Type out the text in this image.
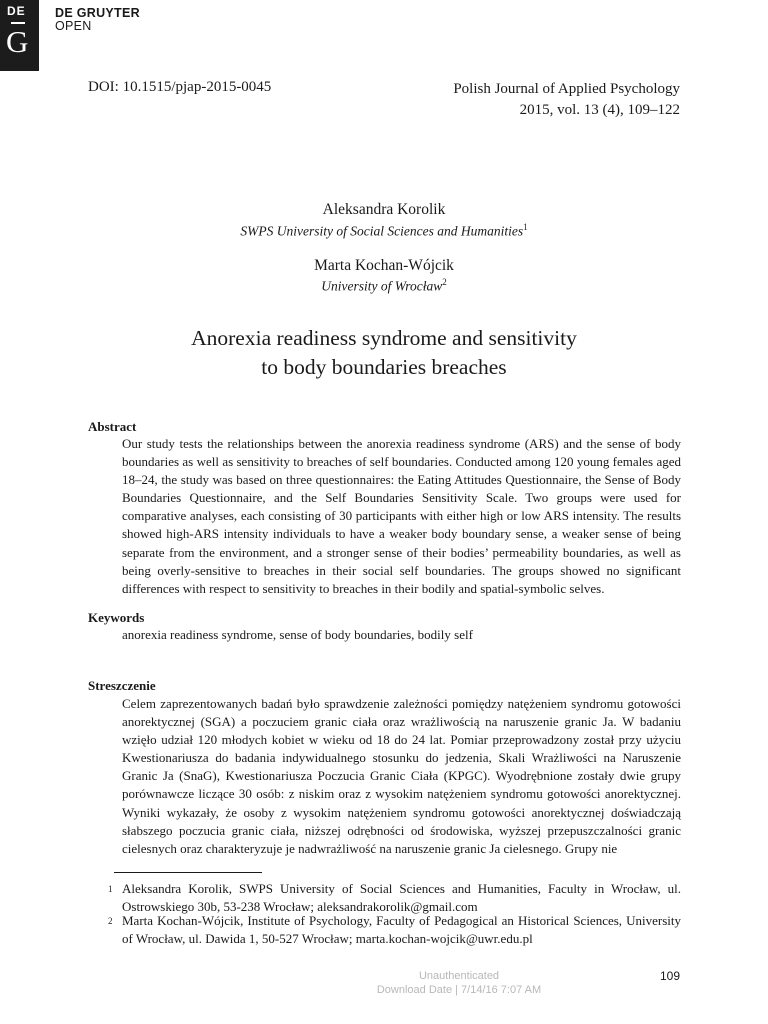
DE
G
DE GRUYTER
OPEN
DOI: 10.1515/pjap-2015-0045	Polish Journal of Applied Psychology
2015, vol. 13 (4), 109–122
Aleksandra Korolik
SWPS University of Social Sciences and Humanities$^1$
Marta Kochan-Wójcik
University of Wrocław$^2$
Anorexia readiness syndrome and sensitivity
to body boundaries breaches
Abstract
Our study tests the relationships between the anorexia readiness syndrome (ARS) and the sense of body boundaries as well as sensitivity to breaches of self boundaries. Conducted among 120 young females aged 18–24, the study was based on three questionnaires: the Eating Attitudes Questionnaire, the Sense of Body Boundaries Questionnaire, and the Self Boundaries Sensitivity Scale. Two groups were used for comparative analyses, each consisting of 30 participants with either high or low ARS intensity. The results showed high-ARS intensity individuals to have a weaker body boundary sense, a weaker sense of being separate from the environment, and a stronger sense of their bodies’ permeability boundaries, as well as being overly-sensitive to breaches in their social self boundaries. The groups showed no significant differences with respect to sensitivity to breaches in their bodily and spatial-symbolic selves.
Keywords
anorexia readiness syndrome, sense of body boundaries, bodily self
Streszczenie
Celem zaprezentowanych badań było sprawdzenie zależności pomiędzy natężeniem syndromu gotowości anorektycznej (SGA) a poczuciem granic ciała oraz wrażliwością na naruszenie granic Ja. W badaniu wzięło udział 120 młodych kobiet w wieku od 18 do 24 lat. Pomiar przeprowadzony został przy użyciu Kwestionariusza do badania indywidualnego stosunku do jedzenia, Skali Wrażliwości na Naruszenie Granic Ja (SnaG), Kwestionariusza Poczucia Granic Ciała (KPGC). Wyodrębnione zostały dwie grupy porównawcze liczące 30 osób: z niskim oraz z wysokim natężeniem syndromu gotowości anorektycznej. Wyniki wykazały, że osoby z wysokim natężeniem syndromu gotowości anorektycznej doświadczają słabszego poczucia granic ciała, niższej odrębności od środowiska, wyższej przepuszczalności granic cielesnych oraz charakteryzuje je nadwrażliwość na naruszenie granic Ja cielesnego. Grupy nie
1 Aleksandra Korolik, SWPS University of Social Sciences and Humanities, Faculty in Wrocław, ul. Ostrowskiego 30b, 53-238 Wrocław; aleksandrakorolik@gmail.com
2 Marta Kochan-Wójcik, Institute of Psychology, Faculty of Pedagogical an Historical Sciences, University of Wrocław, ul. Dawida 1, 50-527 Wrocław; marta.kochan-wojcik@uwr.edu.pl
Unauthenticated
Download Date | 7/14/16 7:07 AM
109
